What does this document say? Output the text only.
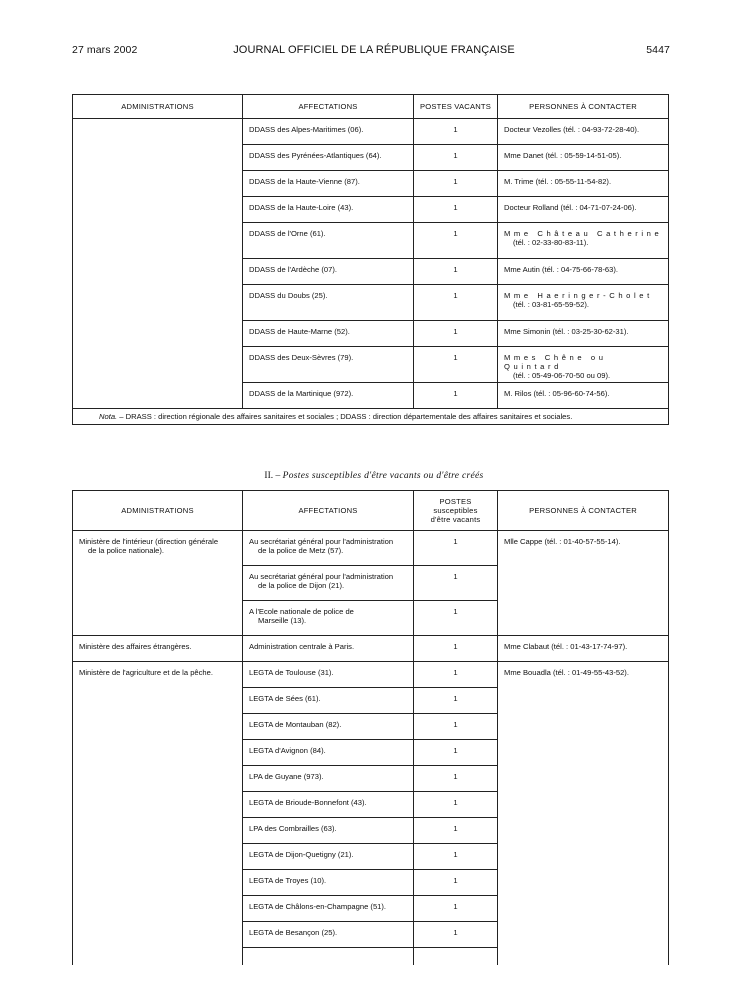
27 mars 2002	JOURNAL OFFICIEL DE LA RÉPUBLIQUE FRANÇAISE	5447
ADMINISTRATIONS	AFFECTATIONS	POSTES VACANTS	PERSONNES À CONTACTER
	DDASS des Alpes-Maritimes (06).	1	Docteur Vezolles (tél. : 04-93-72-28-40).
	DDASS des Pyrénées-Atlantiques (64).	1	Mme Danet (tél. : 05-59-14-51-05).
	DDASS de la Haute-Vienne (87).	1	M. Trime (tél. : 05-55-11-54-82).
	DDASS de la Haute-Loire (43).	1	Docteur Rolland (tél. : 04-71-07-24-06).
	DDASS de l'Orne (61).	1	Mme Château Catherine
(tél. : 02-33-80-83-11).

	DDASS de l'Ardèche (07).	1	Mme Autin (tél. : 04-75-66-78-63).
	DDASS du Doubs (25).	1	Mme Haeringer-Cholet
(tél. : 03-81-65-59-52).

	DDASS de Haute-Marne (52).	1	Mme Simonin (tél. : 03-25-30-62-31).
	DDASS des Deux-Sèvres (79).	1	Mmes Chêne ou Quintard
(tél. : 05-49-06-70-50 ou 09).

	DDASS de la Martinique (972).	1	M. Rilos (tél. : 05-96-60-74-56).
Nota. – DRASS : direction régionale des affaires sanitaires et sociales ; DDASS : direction départementale des affaires sanitaires et sociales.			
II. – Postes susceptibles d'être vacants ou d'être créés
ADMINISTRATIONS	AFFECTATIONS	POSTES
susceptibles
d'être vacants	PERSONNES À CONTACTER
Ministère de l'intérieur (direction générale
de la police nationale).	Au secrétariat général pour l'administration
de la police de Metz (57).	1	Mlle Cappe (tél. : 01-40-57-55-14).
	Au secrétariat général pour l'administration
de la police de Dijon (21).	1	
	A l'Ecole nationale de police de
Marseille (13).	1	
Ministère des affaires étrangères.	Administration centrale à Paris.	1	Mme Clabaut (tél. : 01-43-17-74-97).
Ministère de l'agriculture et de la pêche.	LEGTA de Toulouse (31).	1	Mme Bouadla (tél. : 01-49-55-43-52).
	LEGTA de Sées (61).	1	
	LEGTA de Montauban (82).	1	
	LEGTA d'Avignon (84).	1	
	LPA de Guyane (973).	1	
	LEGTA de Brioude-Bonnefont (43).	1	
	LPA des Combrailles (63).	1	
	LEGTA de Dijon-Quetigny (21).	1	
	LEGTA de Troyes (10).	1	
	LEGTA de Châlons-en-Champagne (51).	1	
	LEGTA de Besançon (25).	1	
